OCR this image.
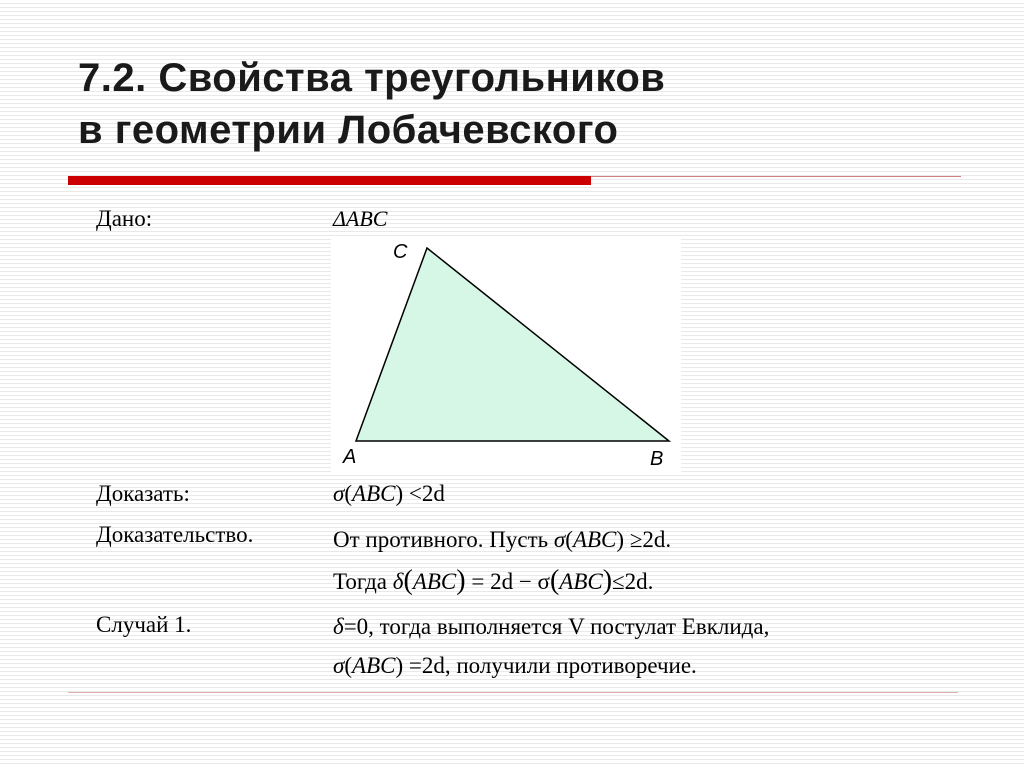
7.2. Свойства треугольников
в геометрии Лобачевского
Дано:	ΔABC
A	B
C
Доказать:	σ(ABC) <2d
Доказательство.	От противного. Пусть σ(ABC) ≥2d.
Тогда δ(ABC) = 2d − σ(ABC)≤2d.
Случай 1.	δ=0, тогда выполняется V постулат Евклида,
σ(ABC) =2d, получили противоречие.
